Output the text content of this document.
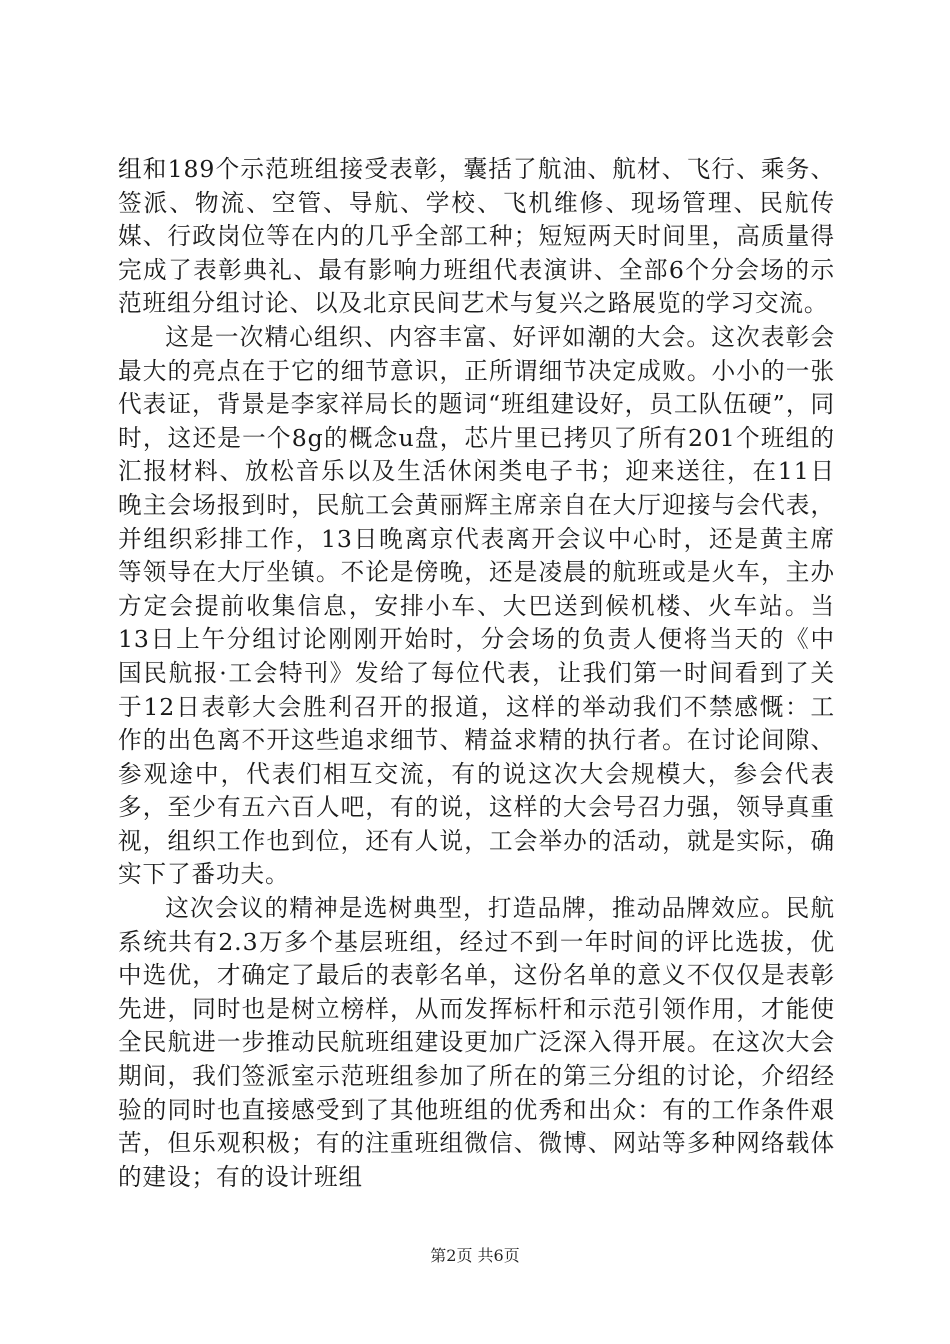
组和189个示范班组接受表彰，囊括了航油、航材、飞行、乘务、签派、物流、空管、导航、学校、飞机维修、现场管理、民航传媒、行政岗位等在内的几乎全部工种；短短两天时间里，高质量得完成了表彰典礼、最有影响力班组代表演讲、全部6个分会场的示范班组分组讨论、以及北京民间艺术与复兴之路展览的学习交流。

这是一次精心组织、内容丰富、好评如潮的大会。这次表彰会最大的亮点在于它的细节意识，正所谓细节决定成败。小小的一张代表证，背景是李家祥局长的题词“班组建设好，员工队伍硬”，同时，这还是一个8g的概念u盘，芯片里已拷贝了所有201个班组的汇报材料、放松音乐以及生活休闲类电子书；迎来送往，在11日晚主会场报到时，民航工会黄丽辉主席亲自在大厅迎接与会代表，并组织彩排工作，13日晚离京代表离开会议中心时，还是黄主席等领导在大厅坐镇。不论是傍晚，还是凌晨的航班或是火车，主办方定会提前收集信息，安排小车、大巴送到候机楼、火车站。当13日上午分组讨论刚刚开始时，分会场的负责人便将当天的《中国民航报·工会特刊》发给了每位代表，让我们第一时间看到了关于12日表彰大会胜利召开的报道，这样的举动我们不禁感慨：工作的出色离不开这些追求细节、精益求精的执行者。在讨论间隙、参观途中，代表们相互交流，有的说这次大会规模大，参会代表多，至少有五六百人吧，有的说，这样的大会号召力强，领导真重视，组织工作也到位，还有人说，工会举办的活动，就是实际，确实下了番功夫。

这次会议的精神是选树典型，打造品牌，推动品牌效应。民航系统共有2.3万多个基层班组，经过不到一年时间的评比选拔，优中选优，才确定了最后的表彰名单，这份名单的意义不仅仅是表彰先进，同时也是树立榜样，从而发挥标杆和示范引领作用，才能使全民航进一步推动民航班组建设更加广泛深入得开展。在这次大会期间，我们签派室示范班组参加了所在的第三分组的讨论，介绍经验的同时也直接感受到了其他班组的优秀和出众：有的工作条件艰苦，但乐观积极；有的注重班组微信、微博、网站等多种网络载体的建设；有的设计班组

第2页 共6页
